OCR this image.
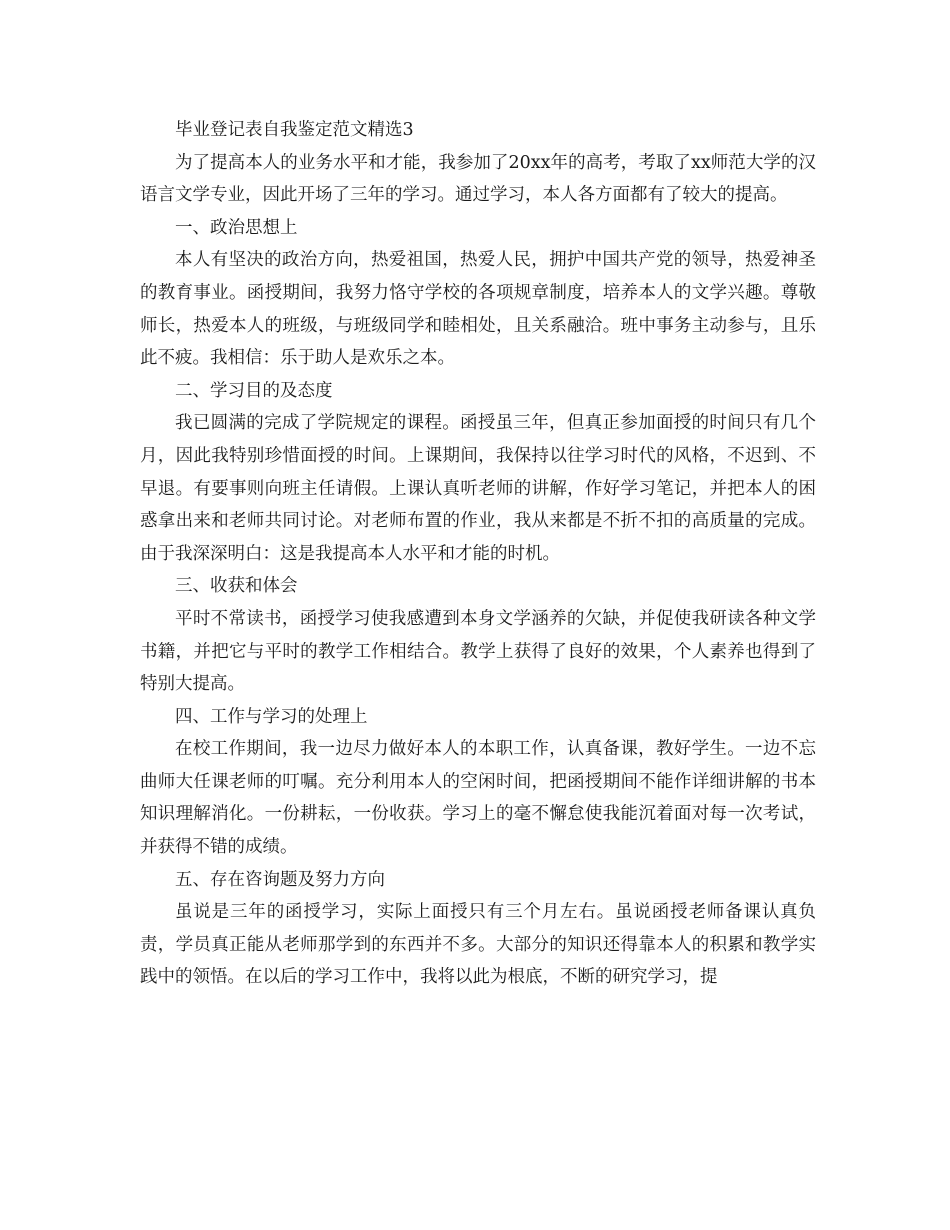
毕业登记表自我鉴定范文精选3

为了提高本人的业务水平和才能，我参加了20xx年的高考，考取了xx师范大学的汉语言文学专业，因此开场了三年的学习。通过学习，本人各方面都有了较大的提高。

一、政治思想上

本人有坚决的政治方向，热爱祖国，热爱人民，拥护中国共产党的领导，热爱神圣的教育事业。函授期间，我努力恪守学校的各项规章制度，培养本人的文学兴趣。尊敬师长，热爱本人的班级，与班级同学和睦相处，且关系融洽。班中事务主动参与，且乐此不疲。我相信：乐于助人是欢乐之本。

二、学习目的及态度

我已圆满的完成了学院规定的课程。函授虽三年，但真正参加面授的时间只有几个月，因此我特别珍惜面授的时间。上课期间，我保持以往学习时代的风格，不迟到、不早退。有要事则向班主任请假。上课认真听老师的讲解，作好学习笔记，并把本人的困惑拿出来和老师共同讨论。对老师布置的作业，我从来都是不折不扣的高质量的完成。由于我深深明白：这是我提高本人水平和才能的时机。

三、收获和体会

平时不常读书，函授学习使我感遭到本身文学涵养的欠缺，并促使我研读各种文学书籍，并把它与平时的教学工作相结合。教学上获得了良好的效果，个人素养也得到了特别大提高。

四、工作与学习的处理上

在校工作期间，我一边尽力做好本人的本职工作，认真备课，教好学生。一边不忘曲师大任课老师的叮嘱。充分利用本人的空闲时间，把函授期间不能作详细讲解的书本知识理解消化。一份耕耘，一份收获。学习上的毫不懈怠使我能沉着面对每一次考试，并获得不错的成绩。

五、存在咨询题及努力方向

虽说是三年的函授学习，实际上面授只有三个月左右。虽说函授老师备课认真负责，学员真正能从老师那学到的东西并不多。大部分的知识还得靠本人的积累和教学实践中的领悟。在以后的学习工作中，我将以此为根底，不断的研究学习，提
